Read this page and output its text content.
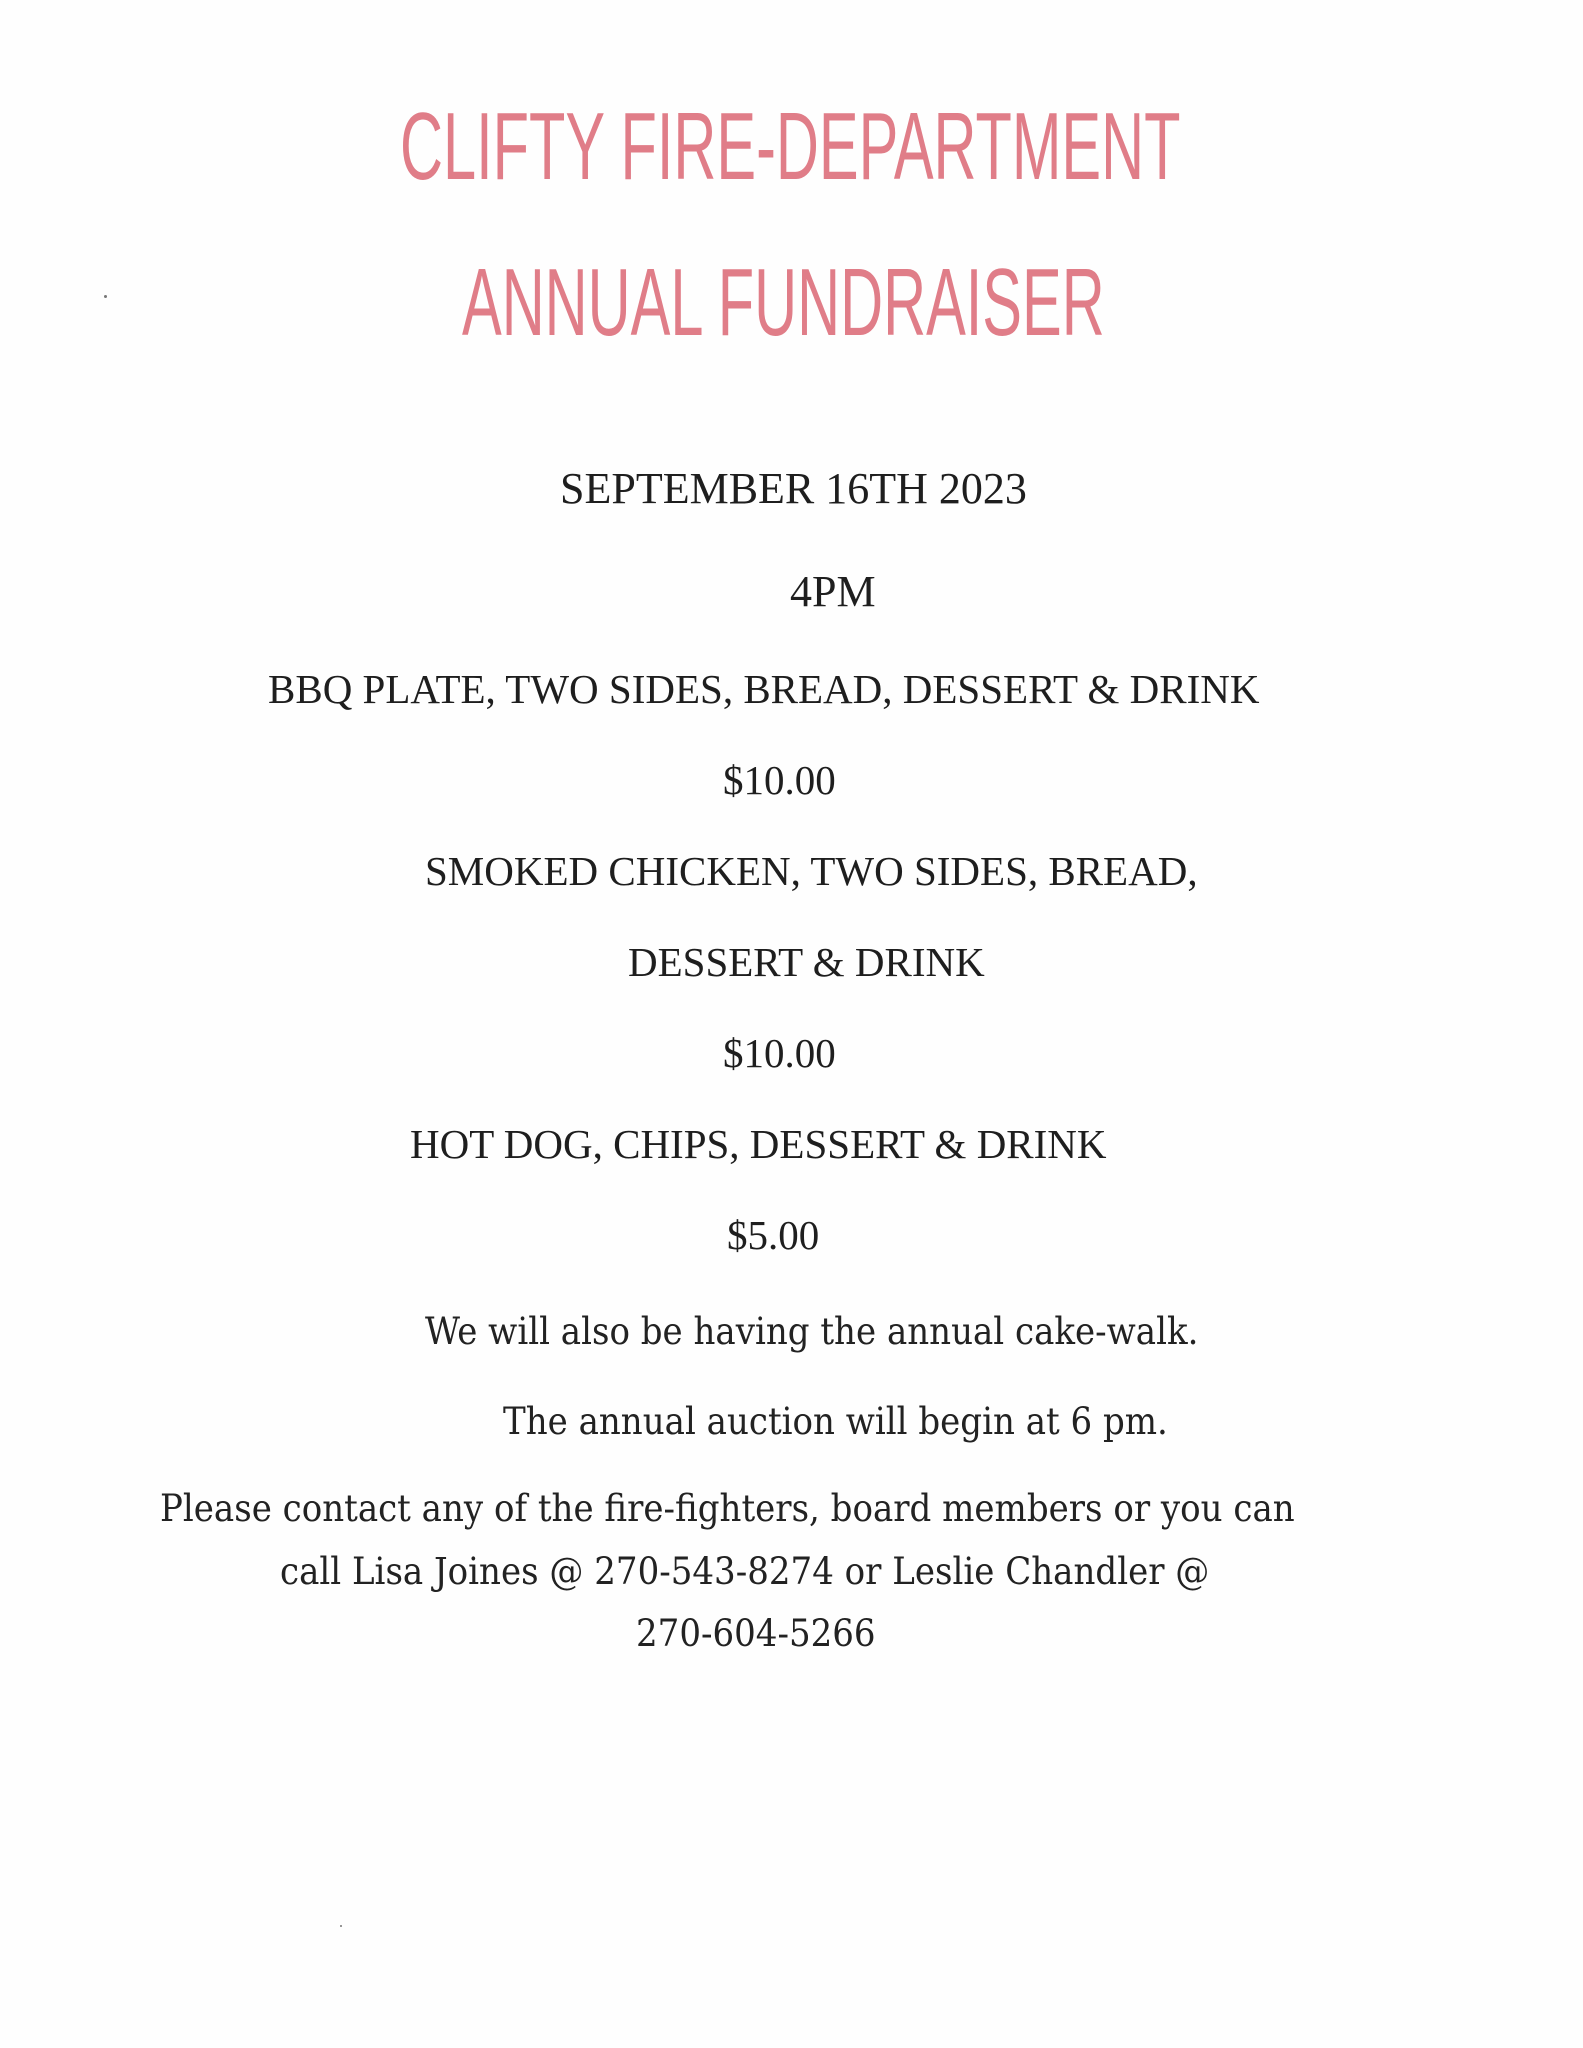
CLIFTY FIRE-DEPARTMENT
ANNUAL FUNDRAISER
SEPTEMBER 16TH 2023
4PM
BBQ PLATE, TWO SIDES, BREAD, DESSERT & DRINK
$10.00
SMOKED CHICKEN, TWO SIDES, BREAD,
DESSERT & DRINK
$10.00
HOT DOG, CHIPS, DESSERT & DRINK
$5.00
We will also be having the annual cake-walk.
The annual auction will begin at 6 pm.
Please contact any of the fire-fighters, board members or you can
call Lisa Joines @ 270-543-8274 or Leslie Chandler @
270-604-5266
